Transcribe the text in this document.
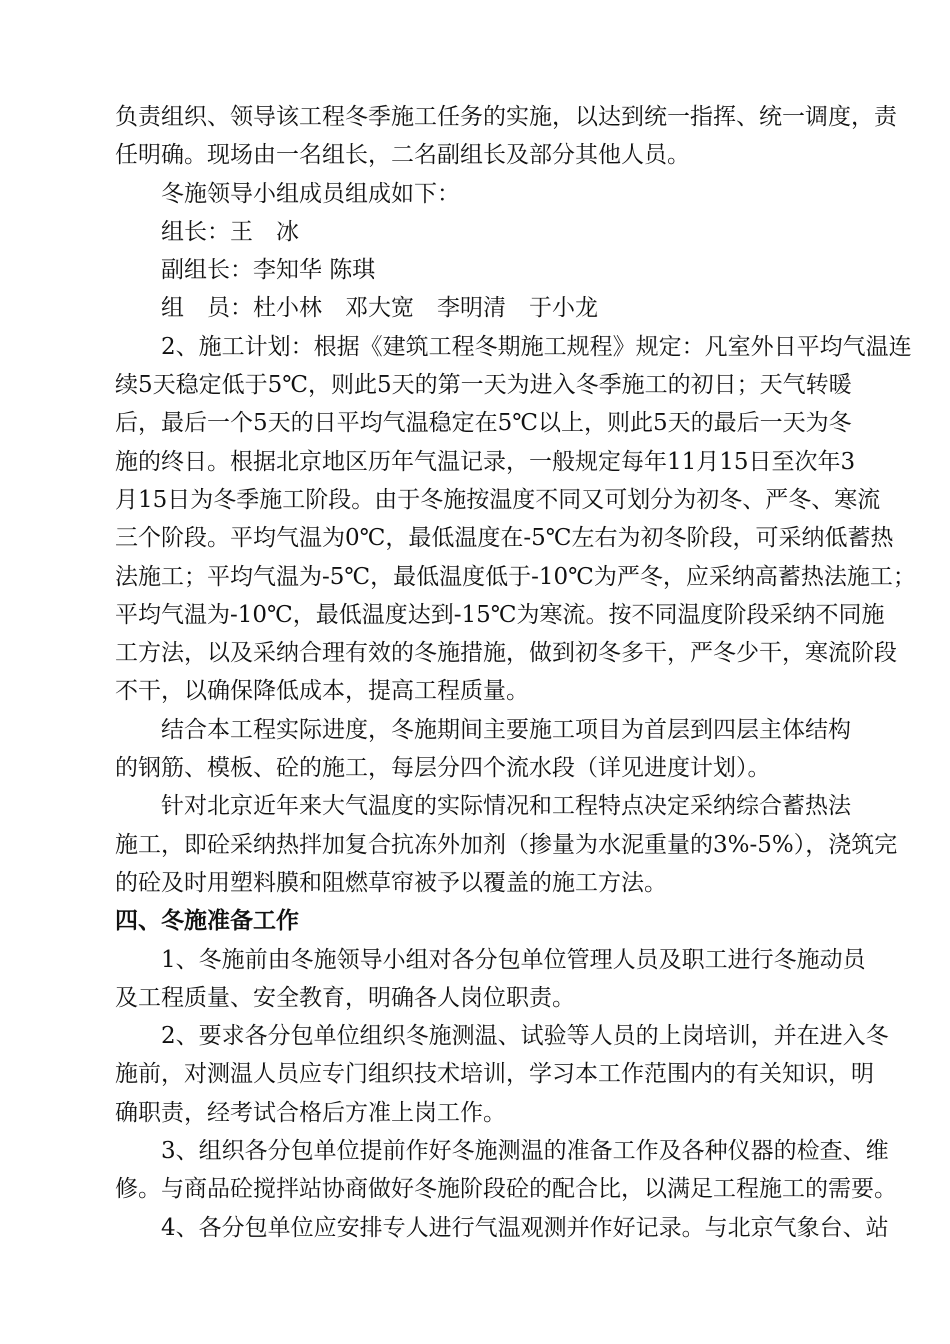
负责组织、领导该工程冬季施工任务的实施，以达到统一指挥、统一调度，责
任明确。现场由一名组长，二名副组长及部分其他人员。
冬施领导小组成员组成如下：
组长：王　冰
副组长：李知华 陈琪
组　员：杜小林　邓大宽　李明清　于小龙
2、施工计划：根据《建筑工程冬期施工规程》规定：凡室外日平均气温连
续5天稳定低于5℃，则此5天的第一天为进入冬季施工的初日；天气转暖
后，最后一个5天的日平均气温稳定在5℃以上，则此5天的最后一天为冬
施的终日。根据北京地区历年气温记录，一般规定每年11月15日至次年3
月15日为冬季施工阶段。由于冬施按温度不同又可划分为初冬、严冬、寒流
三个阶段。平均气温为0℃，最低温度在-5℃左右为初冬阶段，可采纳低蓄热
法施工；平均气温为-5℃，最低温度低于-10℃为严冬，应采纳高蓄热法施工；
平均气温为-10℃，最低温度达到-15℃为寒流。按不同温度阶段采纳不同施
工方法，以及采纳合理有效的冬施措施，做到初冬多干，严冬少干，寒流阶段
不干，以确保降低成本，提高工程质量。
结合本工程实际进度，冬施期间主要施工项目为首层到四层主体结构
的钢筋、模板、砼的施工，每层分四个流水段（详见进度计划）。
针对北京近年来大气温度的实际情况和工程特点决定采纳综合蓄热法
施工，即砼采纳热拌加复合抗冻外加剂（掺量为水泥重量的3%-5%），浇筑完
的砼及时用塑料膜和阻燃草帘被予以覆盖的施工方法。
四、冬施准备工作
1、冬施前由冬施领导小组对各分包单位管理人员及职工进行冬施动员
及工程质量、安全教育，明确各人岗位职责。
2、要求各分包单位组织冬施测温、试验等人员的上岗培训，并在进入冬
施前，对测温人员应专门组织技术培训，学习本工作范围内的有关知识，明
确职责，经考试合格后方准上岗工作。
3、组织各分包单位提前作好冬施测温的准备工作及各种仪器的检查、维
修。与商品砼搅拌站协商做好冬施阶段砼的配合比，以满足工程施工的需要。
4、各分包单位应安排专人进行气温观测并作好记录。与北京气象台、站
